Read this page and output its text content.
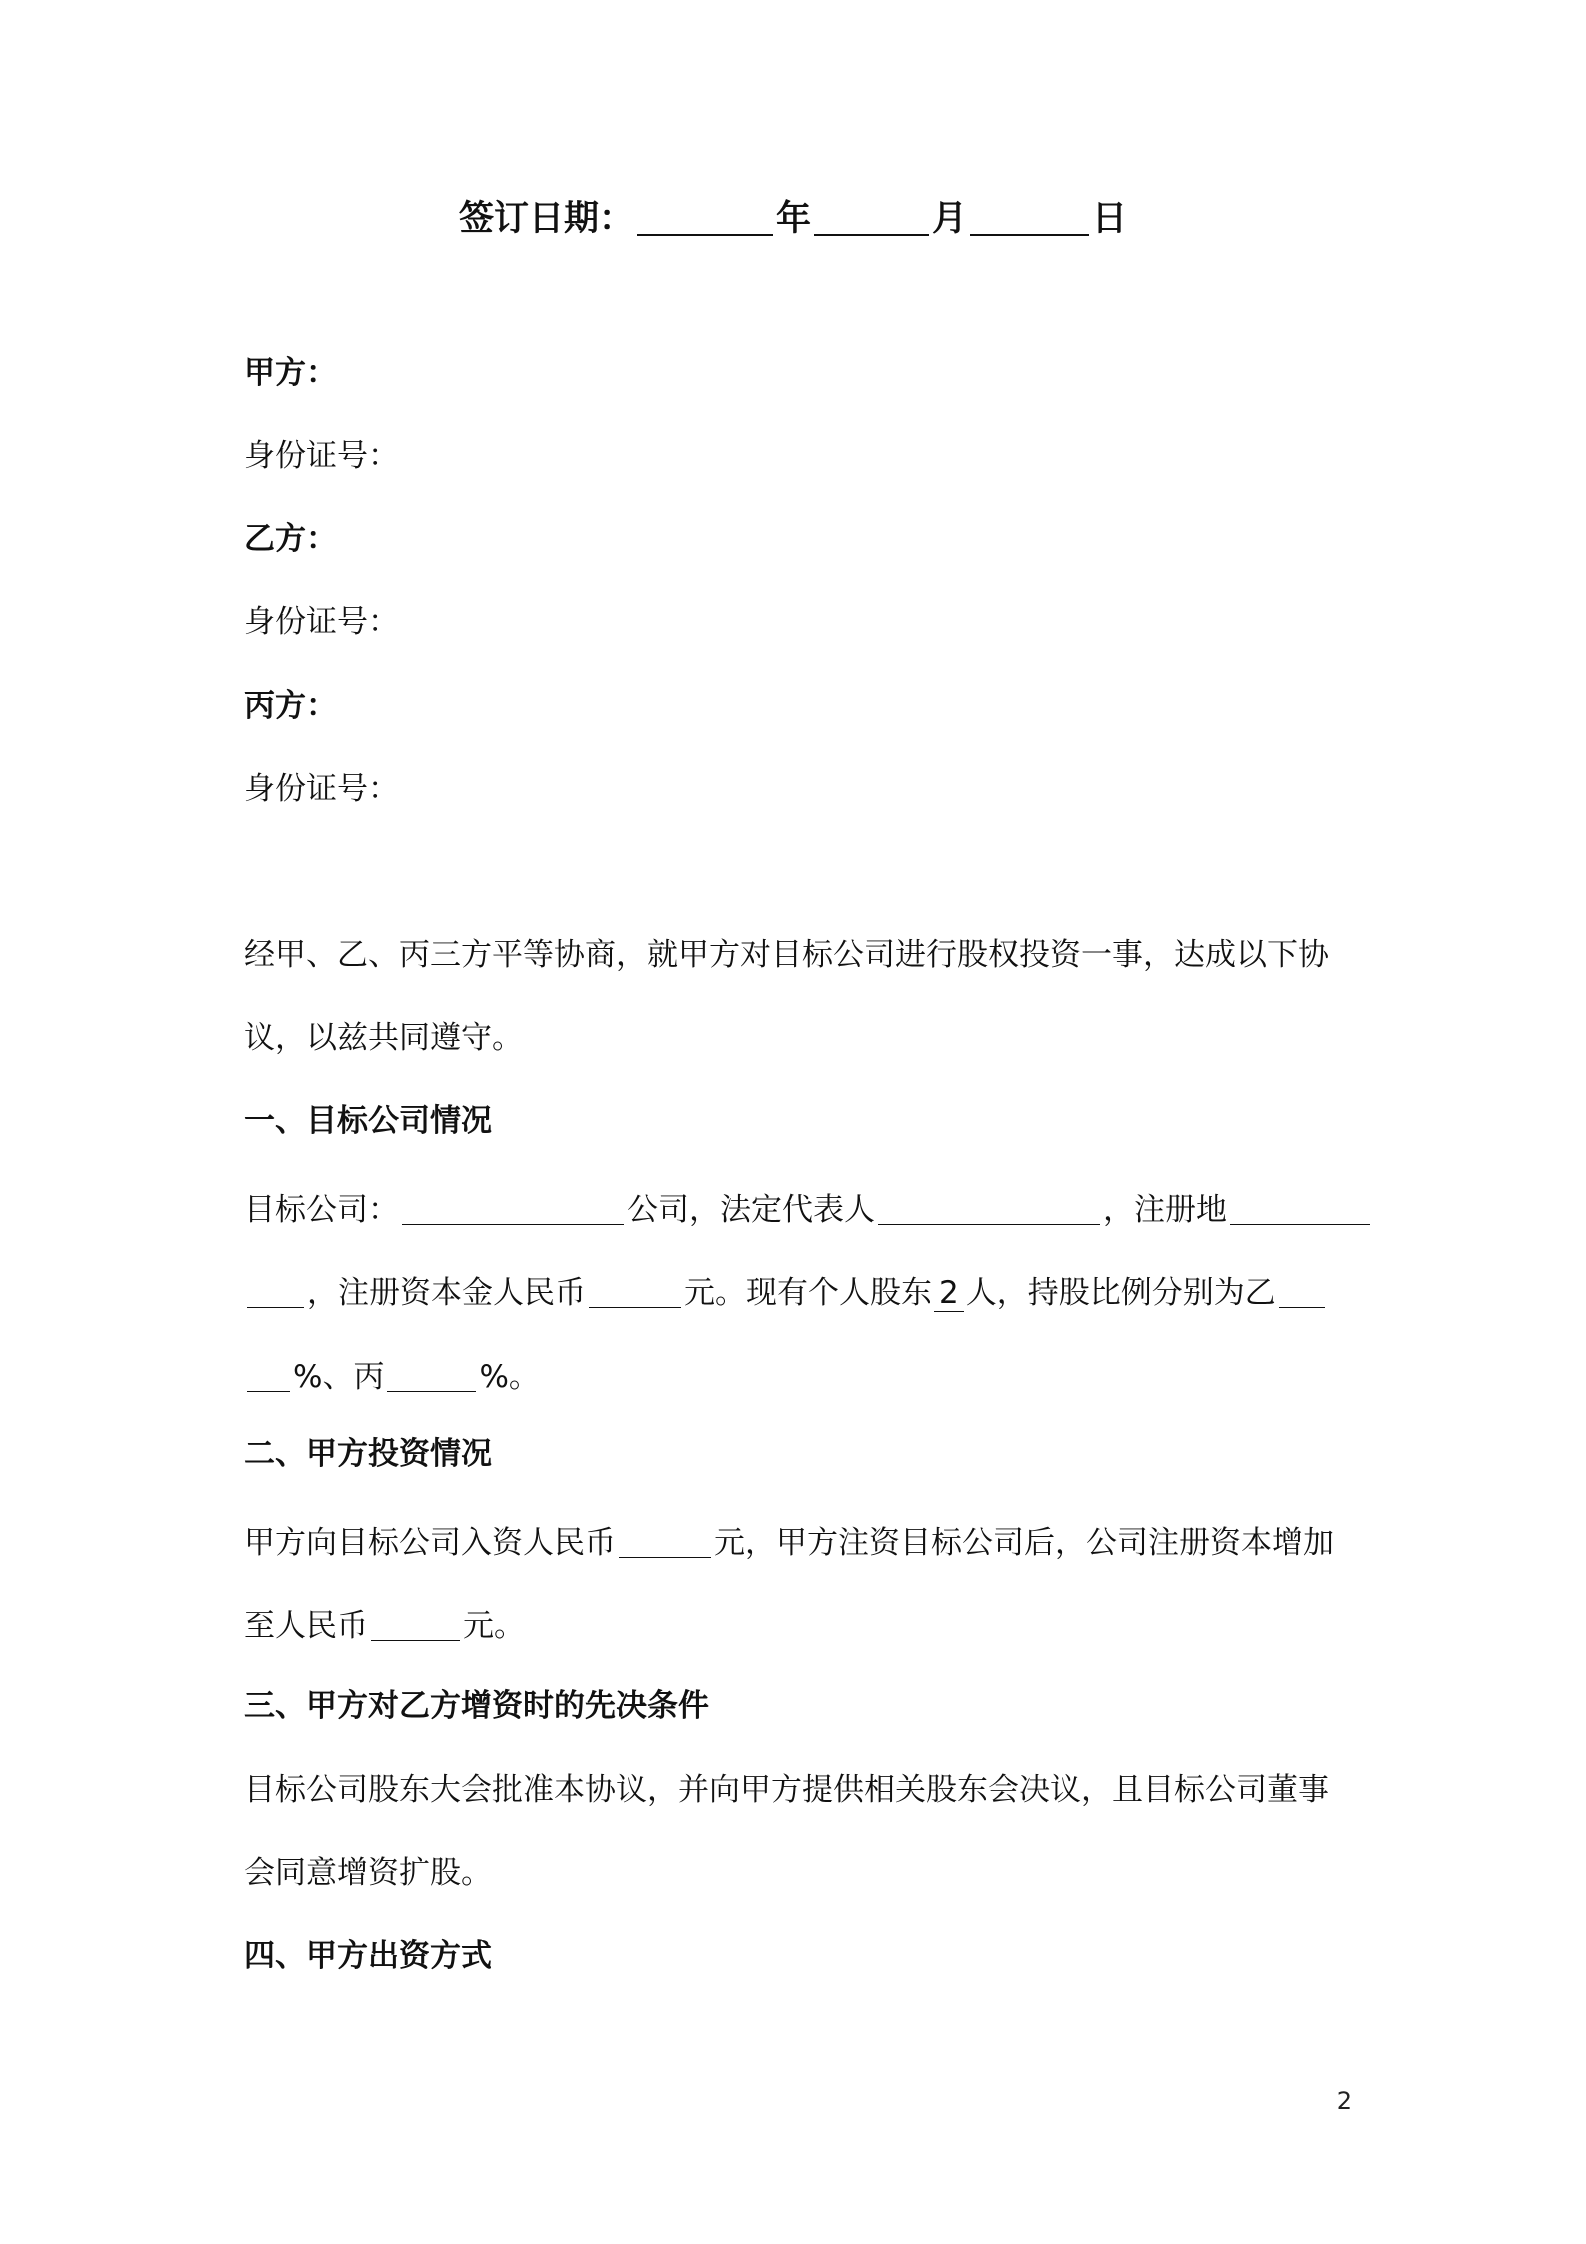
签订日期：	年	月	日
甲方：
身份证号：
乙方：
身份证号：
丙方：
身份证号：
经甲、乙、丙三方平等协商，就甲方对目标公司进行股权投资一事，达成以下协
议，以兹共同遵守。
一、目标公司情况
目标公司：	公司，法定代表人	，注册地
，注册资本金人民币	元。现有个人股东 2 人，持股比例分别为乙
%、丙	%。
二、甲方投资情况
甲方向目标公司入资人民币	元，甲方注资目标公司后，公司注册资本增加
至人民币	元。
三、甲方对乙方增资时的先决条件
目标公司股东大会批准本协议，并向甲方提供相关股东会决议，且目标公司董事
会同意增资扩股。
四、甲方出资方式
2
